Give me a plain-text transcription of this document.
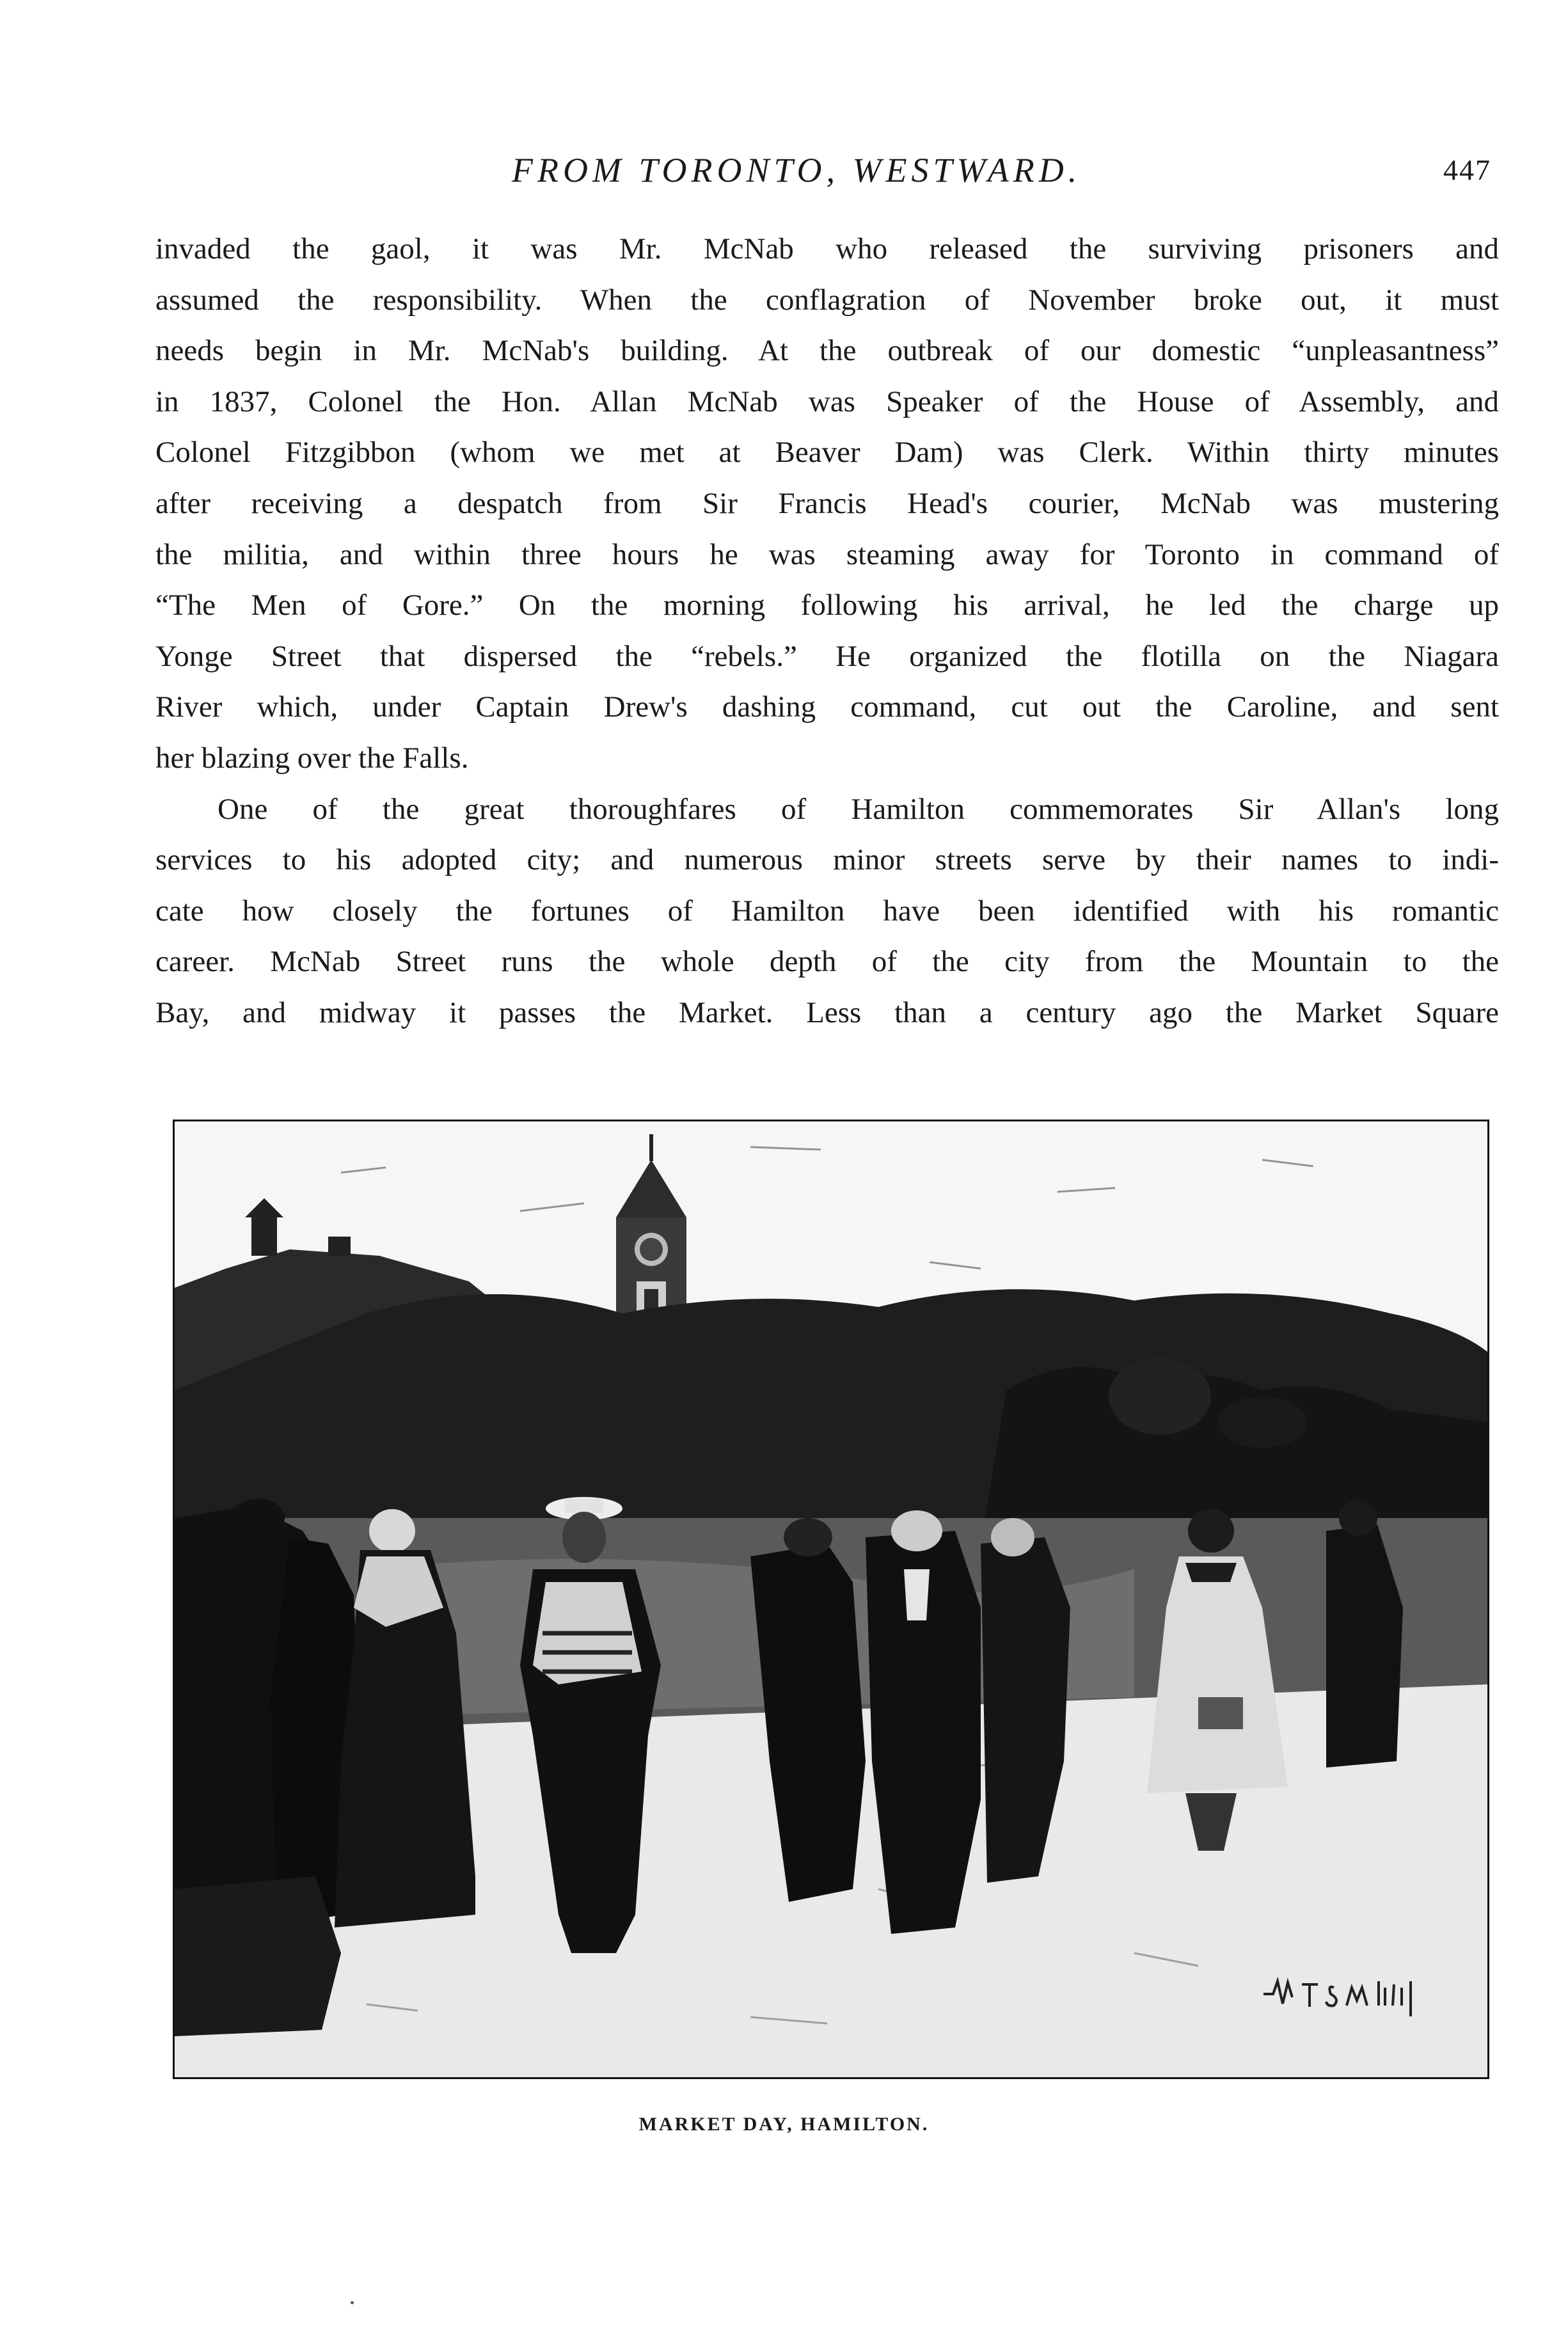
FROM TORONTO, WESTWARD.	447
invaded the gaol, it was Mr. McNab who released the surviving prisoners and
assumed the responsibility. When the conflagration of November broke out, it must
needs begin in Mr. McNab's building. At the outbreak of our domestic “unpleasantness”
in 1837, Colonel the Hon. Allan McNab was Speaker of the House of Assembly, and
Colonel Fitzgibbon (whom we met at Beaver Dam) was Clerk. Within thirty minutes
after receiving a despatch from Sir Francis Head's courier, McNab was mustering
the militia, and within three hours he was steaming away for Toronto in command of
“The Men of Gore.” On the morning following his arrival, he led the charge up
Yonge Street that dispersed the “rebels.” He organized the flotilla on the Niagara
River which, under Captain Drew's dashing command, cut out the Caroline, and sent
her blazing over the Falls.
One of the great thoroughfares of Hamilton commemorates Sir Allan's long
services to his adopted city; and numerous minor streets serve by their names to indi-
cate how closely the fortunes of Hamilton have been identified with his romantic
career. McNab Street runs the whole depth of the city from the Mountain to the
Bay, and midway it passes the Market. Less than a century ago the Market Square
MARKET DAY, HAMILTON.
